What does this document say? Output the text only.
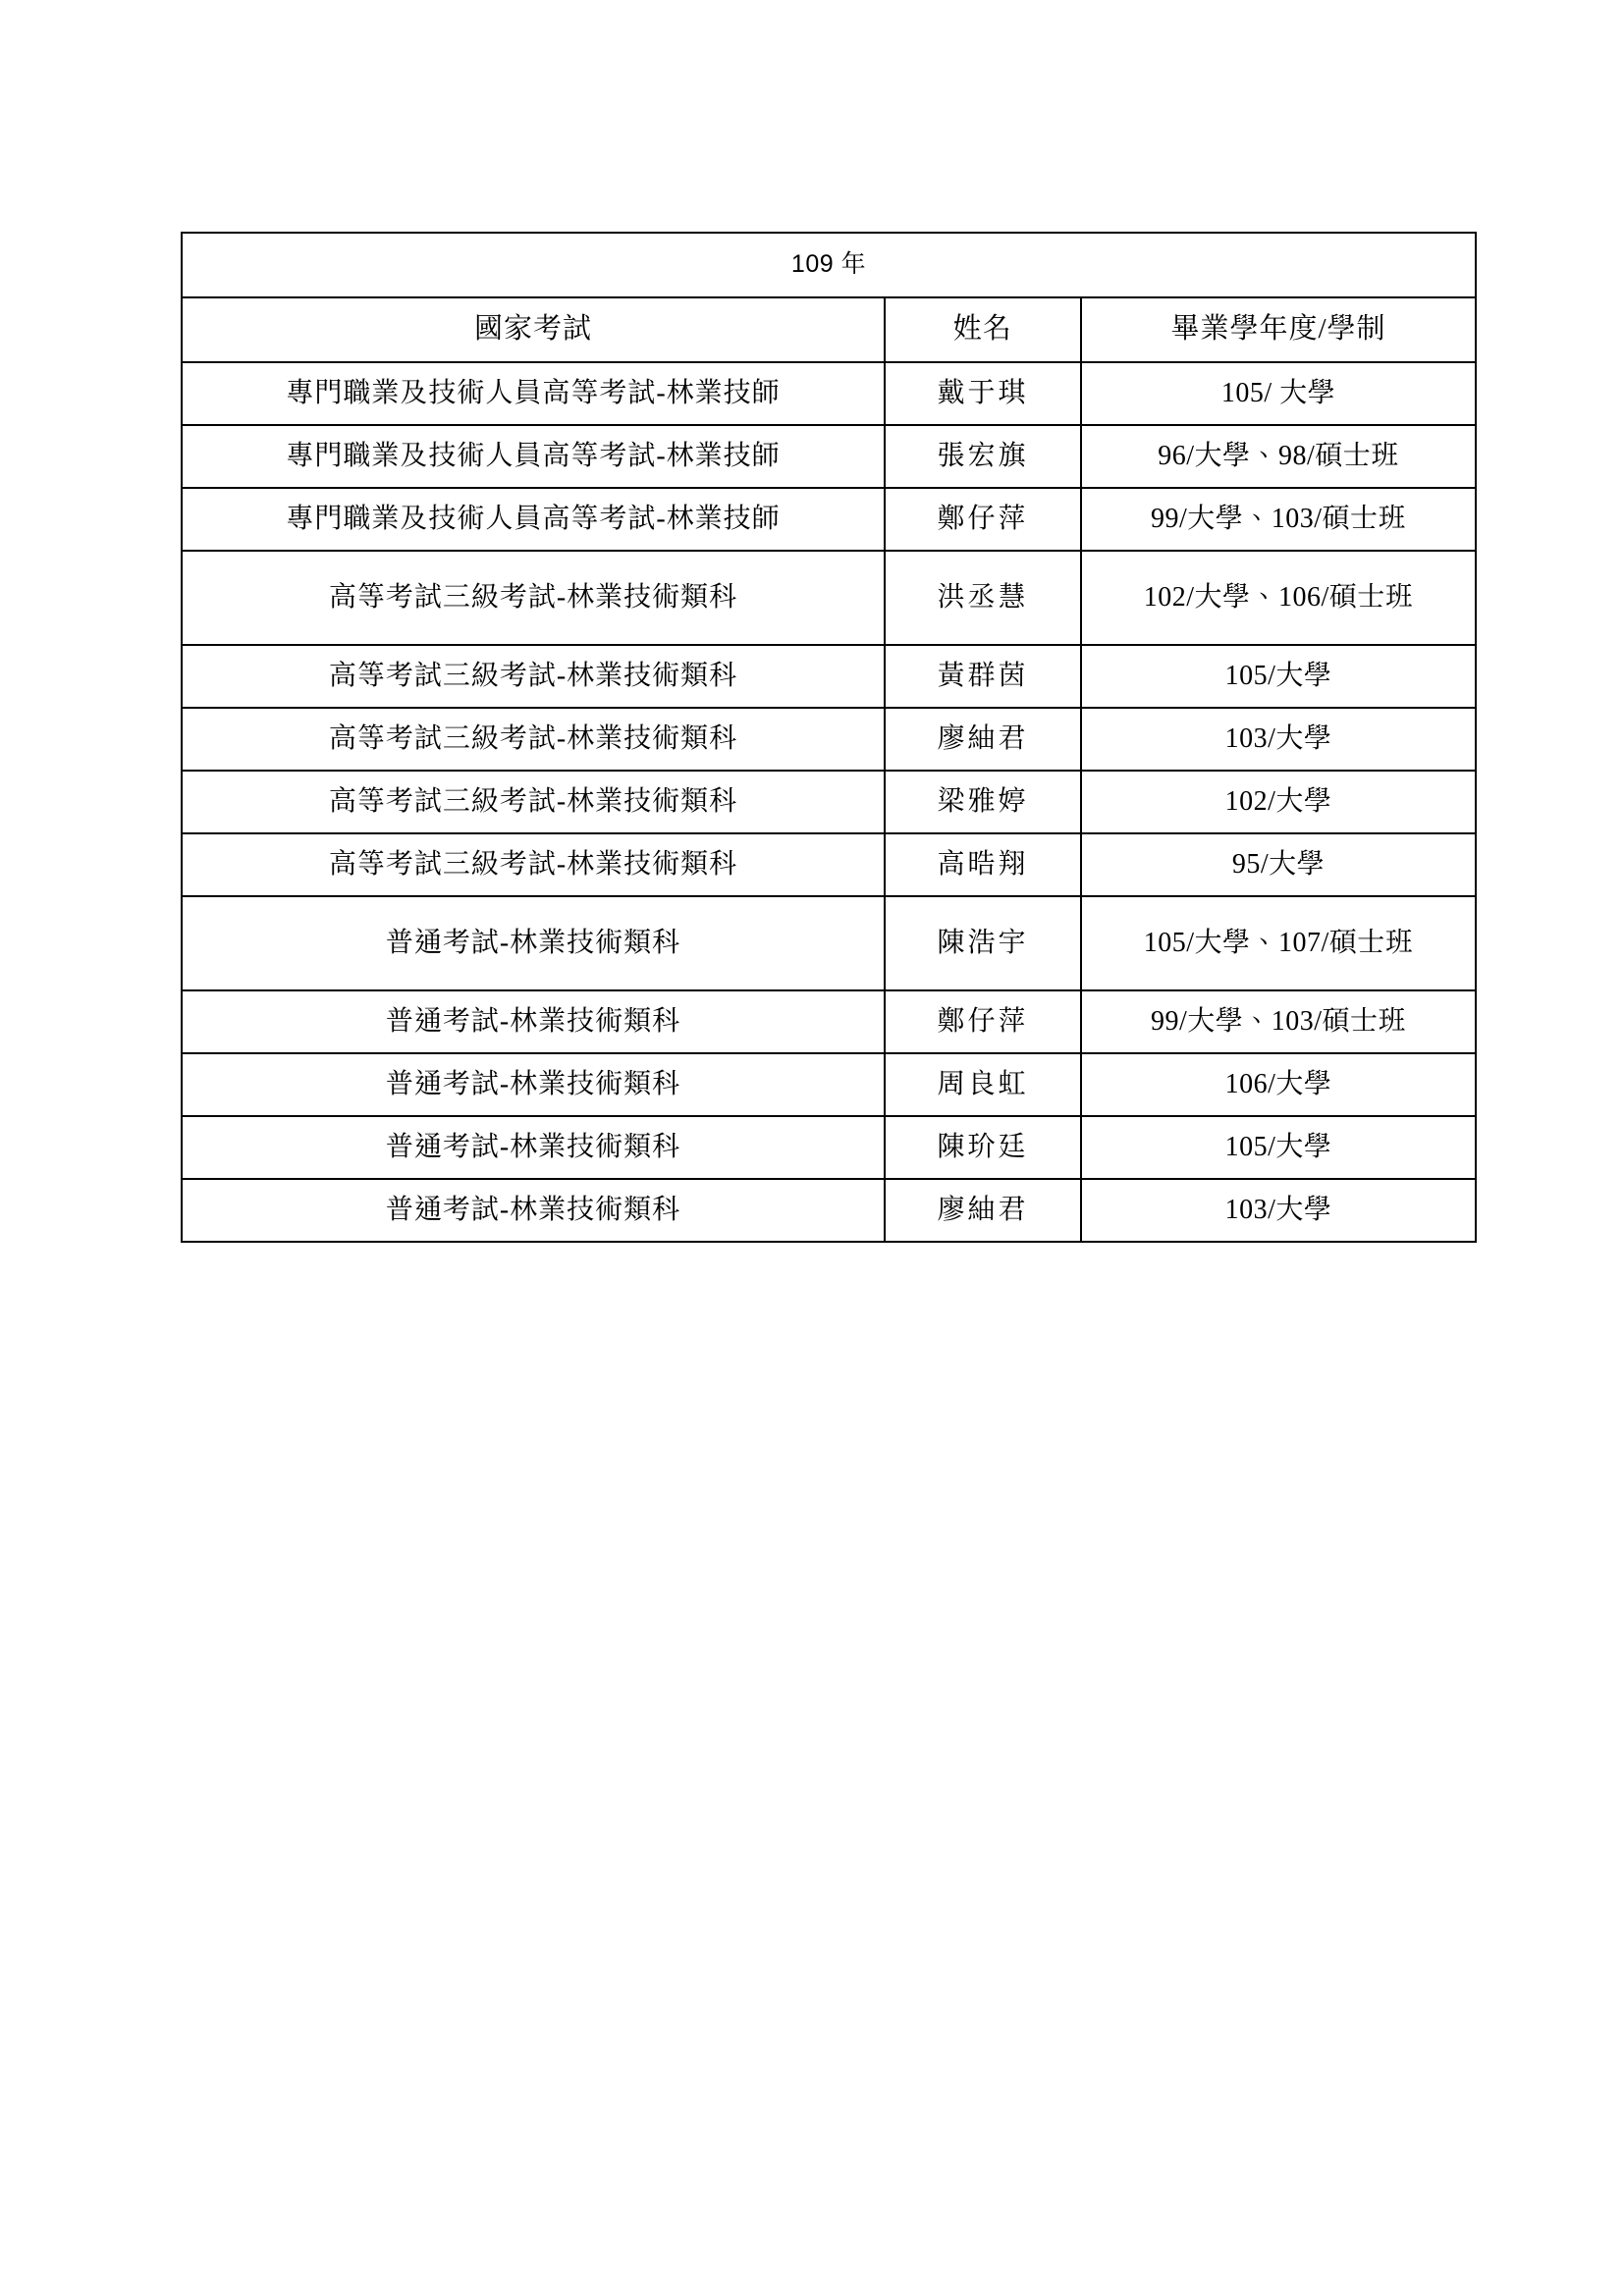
109 年		
國家考試	姓名	畢業學年度/學制
專門職業及技術人員高等考試-林業技師	戴于琪	105/ 大學
專門職業及技術人員高等考試-林業技師	張宏旗	96/大學、98/碩士班
專門職業及技術人員高等考試-林業技師	鄭仔萍	99/大學、103/碩士班
高等考試三級考試-林業技術類科	洪丞慧	102/大學、106/碩士班
高等考試三級考試-林業技術類科	黃群茵	105/大學
高等考試三級考試-林業技術類科	廖紬君	103/大學
高等考試三級考試-林業技術類科	梁雅婷	102/大學
高等考試三級考試-林業技術類科	高晧翔	95/大學
普通考試-林業技術類科	陳浩宇	105/大學、107/碩士班
普通考試-林業技術類科	鄭仔萍	99/大學、103/碩士班
普通考試-林業技術類科	周良虹	106/大學
普通考試-林業技術類科	陳玠廷	105/大學
普通考試-林業技術類科	廖紬君	103/大學
